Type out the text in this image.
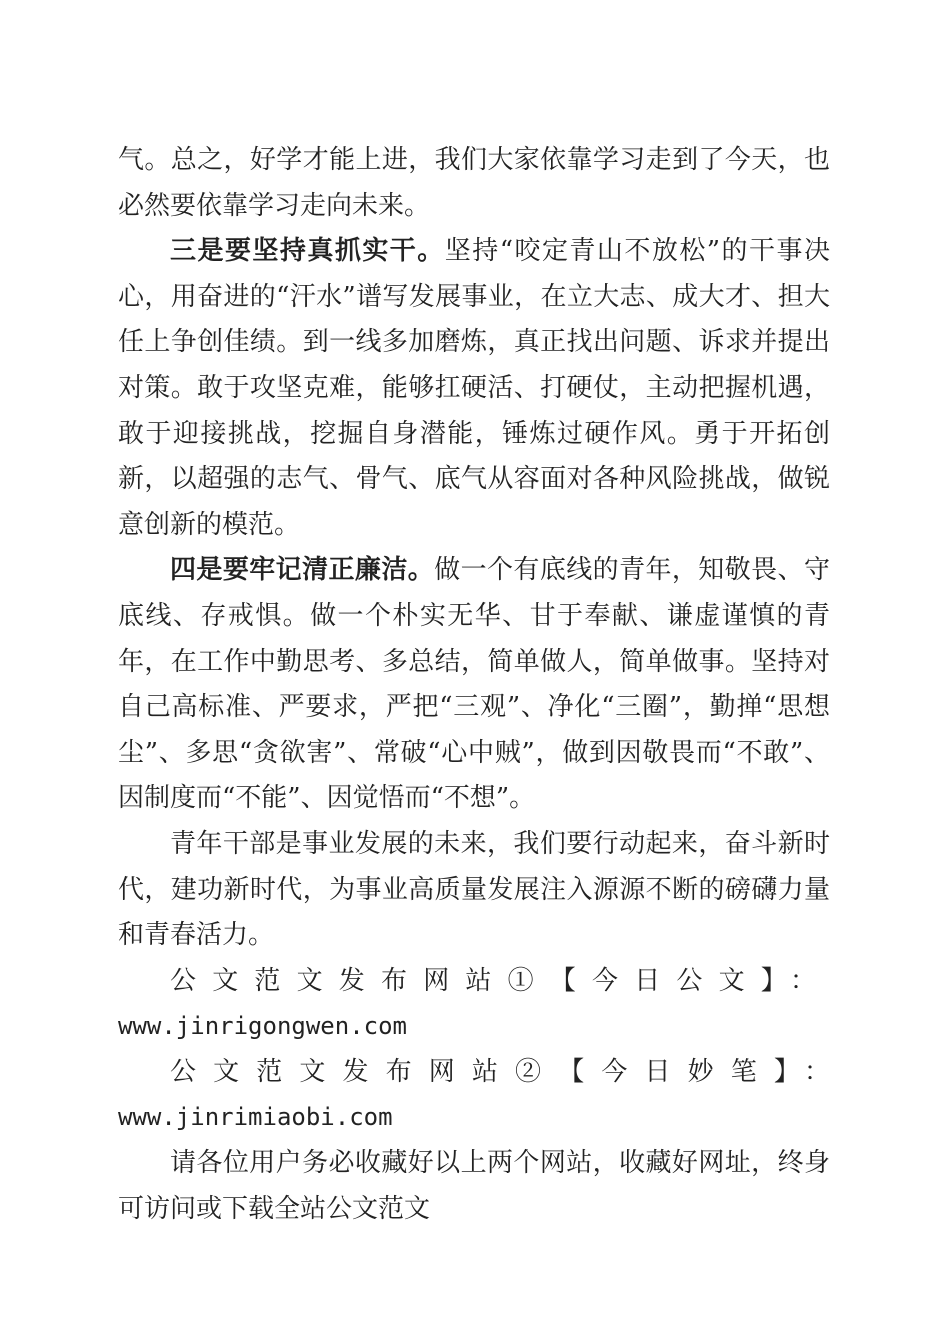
气。总之，好学才能上进，我们大家依靠学习走到了今天，也必然要依靠学习走向未来。

三是要坚持真抓实干。坚持“咬定青山不放松”的干事决心，用奋进的“汗水”谱写发展事业，在立大志、成大才、担大任上争创佳绩。到一线多加磨炼，真正找出问题、诉求并提出对策。敢于攻坚克难，能够扛硬活、打硬仗，主动把握机遇，敢于迎接挑战，挖掘自身潜能，锤炼过硬作风。勇于开拓创新，以超强的志气、骨气、底气从容面对各种风险挑战，做锐意创新的模范。

四是要牢记清正廉洁。做一个有底线的青年，知敬畏、守底线、存戒惧。做一个朴实无华、甘于奉献、谦虚谨慎的青年，在工作中勤思考、多总结，简单做人，简单做事。坚持对自己高标准、严要求，严把“三观”、净化“三圈”，勤掸“思想尘”、多思“贪欲害”、常破“心中贼”，做到因敬畏而“不敢”、因制度而“不能”、因觉悟而“不想”。

青年干部是事业发展的未来，我们要行动起来，奋斗新时代，建功新时代，为事业高质量发展注入源源不断的磅礴力量和青春活力。

公文范文发布网站①【今日公文】： www.jinrigongwen.com

公文范文发布网站②【今日妙笔】：www.jinrimiaobi.com

请各位用户务必收藏好以上两个网站，收藏好网址，终身可访问或下载全站公文范文
